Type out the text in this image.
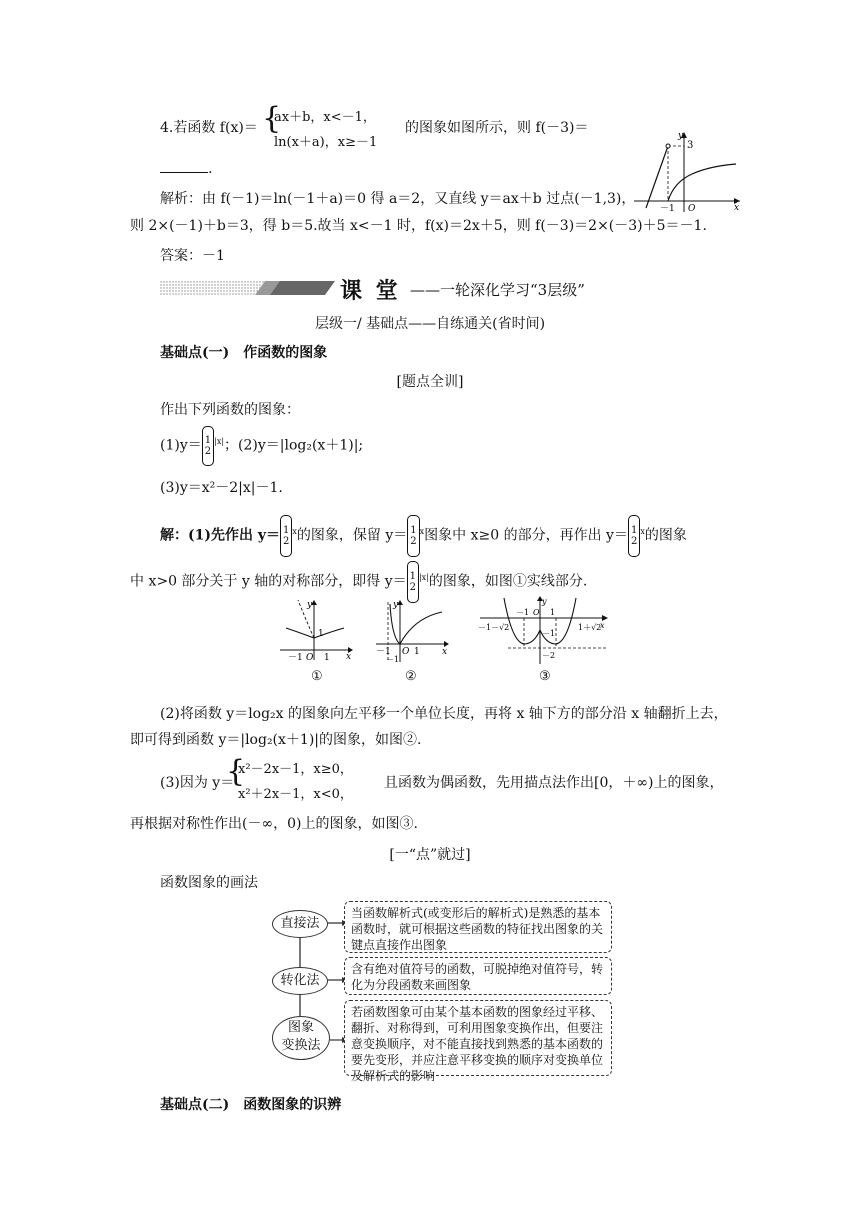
4.若函数 f(x)＝ {
ax＋b，x<－1，
ln(x＋a)，x≥－1
的图象如图所示，则 f(－3)＝
.
3
－1 O	x
y
解析：由 f(－1)＝ln(－1＋a)＝0 得 a＝2，又直线 y＝ax＋b 过点(－1,3)，
则 2×(－1)＋b＝3，得 b＝5.故当 x<－1 时，f(x)＝2x＋5，则 f(－3)＝2×(－3)＋5＝－1.
答案：－1
课 堂 ——一轮深化学习“3层级”
层级一/ 基础点——自练通关(省时间)
基础点(一)　作函数的图象
[题点全训]
作出下列函数的图象：
(1)y＝ 1
$2^{|x|}$；(2)y＝|log₂(x＋1)|;
(3)y＝x²－2|x|－1.
解：(1)先作出 y＝ 1
2$^x$的图象，保留 y＝ 1
2$^x$图象中 x≥0 的部分，再作出 y＝ 1
2$^x$的图象
中 x>0 部分关于 y 轴的对称部分，即得 y＝ 1
$2^{|x|}$的图象，如图①实线部分.
－1 O 1
1
x
y
－1 O 1 x
y
－1
－1－√2
－1 O 1
1＋√2
－2
x
y
－1
①	②	③
(2)将函数 y＝log₂x 的图象向左平移一个单位长度，再将 x 轴下方的部分沿 x 轴翻折上去，
即可得到函数 y＝|log₂(x＋1)|的图象，如图②.
(3)因为 y＝
{
x²－2x－1，x≥0，
x²＋2x－1，x<0，
且函数为偶函数，先用描点法作出[0，＋∞)上的图象，
再根据对称性作出(－∞，0)上的图象，如图③.
[一“点”就过]
函数图象的画法
直接法
转化法
图象
变换法
当函数解析式(或变形后的解析式)是熟悉的基本函数时，就可根据这些函数的特征找出图象的关键点直接作出图象
含有绝对值符号的函数，可脱掉绝对值符号，转化为分段函数来画图象
若函数图象可由某个基本函数的图象经过平移、翻折、对称得到，可利用图象变换作出，但要注意变换顺序，对不能直接找到熟悉的基本函数的要先变形，并应注意平移变换的顺序对变换单位及解析式的影响
基础点(二)　函数图象的识辨
